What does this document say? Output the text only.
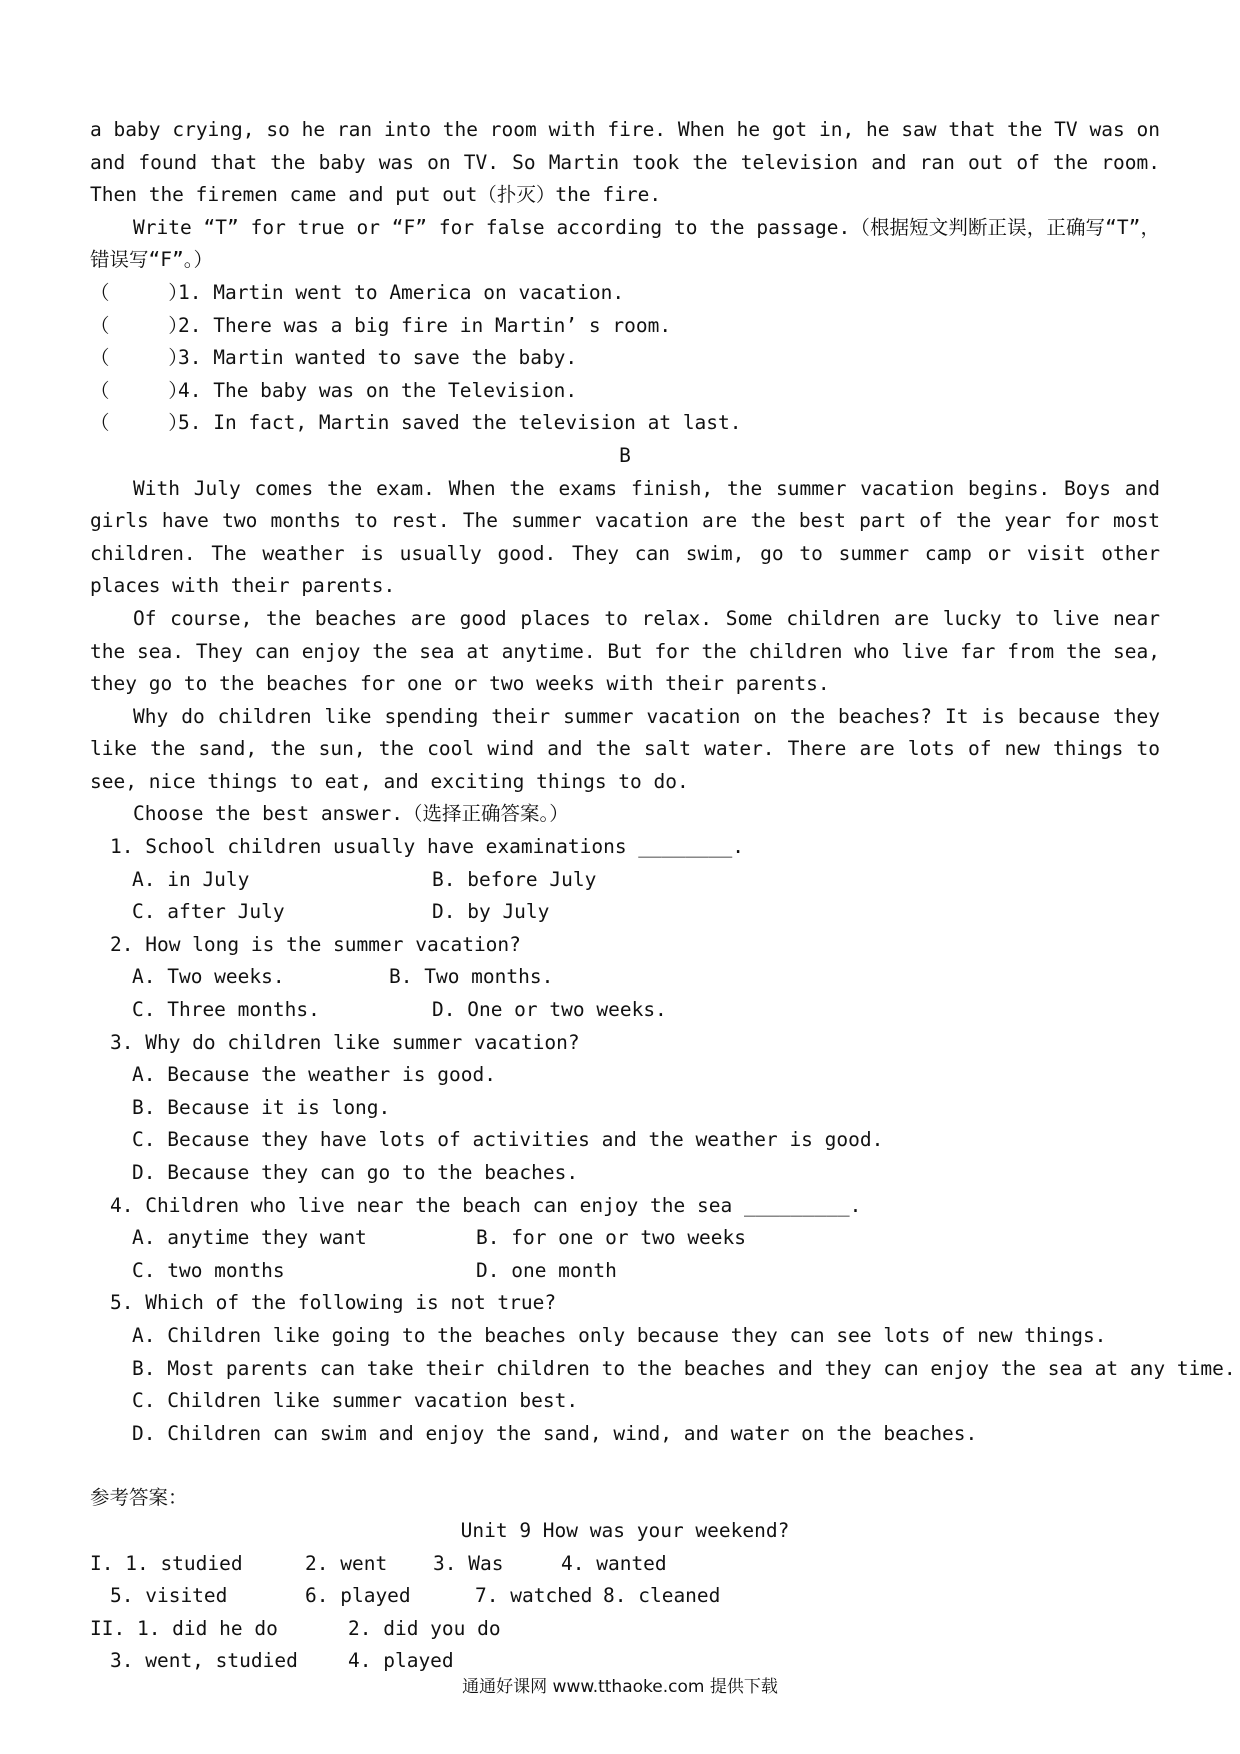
a baby crying, so he ran into the room with fire. When he got in, he saw that the TV was on and found that the baby was on TV. So Martin took the television and ran out of the room. Then the firemen came and put out（扑灭）the fire.

Write “T” for true or “F” for false according to the passage.（根据短文判断正误，正确写“T”，错误写“F”。）

（     ）1. Martin went to America on vacation.

（     ）2. There was a big fire in Martin’ s room.

（     ）3. Martin wanted to save the baby.

（     ）4. The baby was on the Television.

（     ）5. In fact, Martin saved the television at last.

B

With July comes the exam. When the exams finish, the summer vacation begins. Boys and girls have two months to rest. The summer vacation are the best part of the year for most children. The weather is usually good. They can swim, go to summer camp or visit other places with their parents.

Of course, the beaches are good places to relax. Some children are lucky to live near the sea. They can enjoy the sea at anytime. But for the children who live far from the sea, they go to the beaches for one or two weeks with their parents.

Why do children like spending their summer vacation on the beaches? It is because they like the sand, the sun, the cool wind and the salt water. There are lots of new things to see, nice things to eat, and exciting things to do.

Choose the best answer.（选择正确答案。）

1. School children usually have examinations ________.

A. in July	B. before July

C. after July	D. by July

2. How long is the summer vacation?

A. Two weeks.	B. Two months.

C. Three months.	D. One or two weeks.

3. Why do children like summer vacation?

A. Because the weather is good.

B. Because it is long.

C. Because they have lots of activities and the weather is good.

D. Because they can go to the beaches.

4. Children who live near the beach can enjoy the sea _________.

A. anytime they want	B. for one or two weeks

C. two months	D. one month

5. Which of the following is not true?

A. Children like going to the beaches only because they can see lots of new things.

B. Most parents can take their children to the beaches and they can enjoy the sea at any time.

C. Children like summer vacation best.

D. Children can swim and enjoy the sand, wind, and water on the beaches.

参考答案：

Unit 9 How was your weekend?

I. 1. studied	2. went	3. Was	4. wanted

5. visited	6. played	7. watched 8. cleaned

II. 1. did he do	2. did you do

3. went, studied	4. played

通通好课网 www.tthaoke.com 提供下载
